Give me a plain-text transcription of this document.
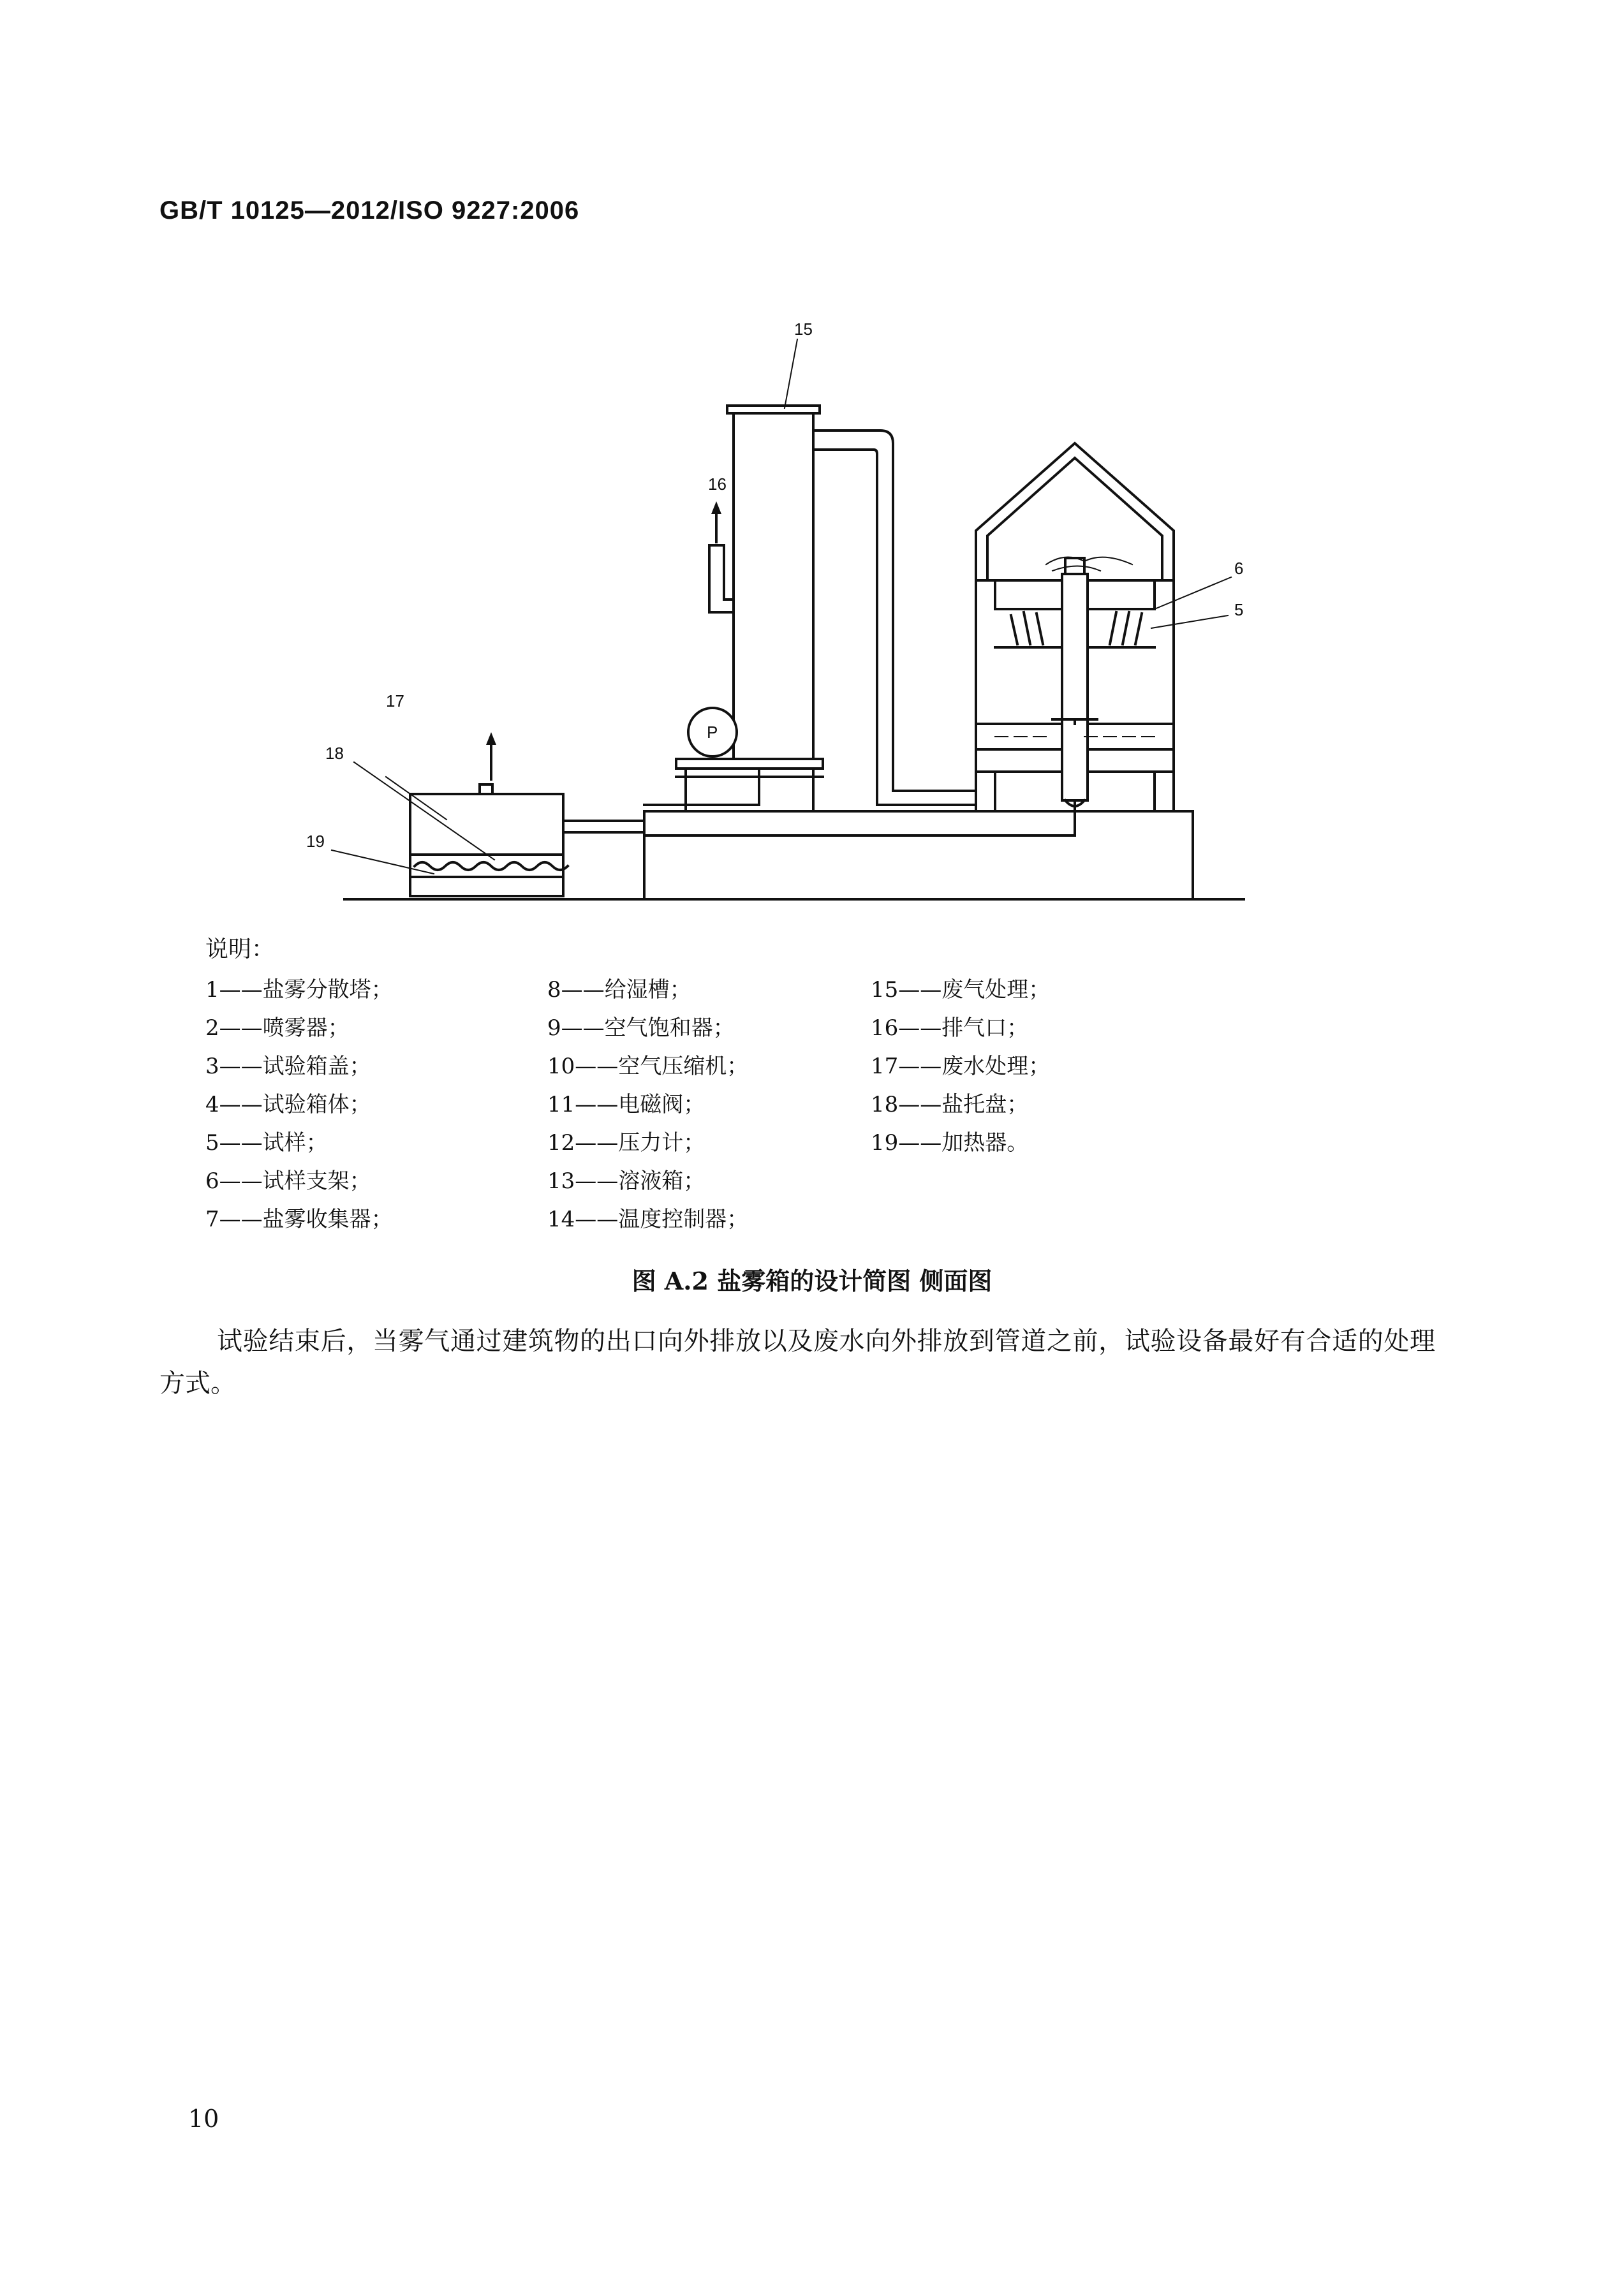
GB/T 10125—2012/ISO 9227:2006
15
16
17
18
19
6
5
P
说明：
1——盐雾分散塔；
2——喷雾器；
3——试验箱盖；
4——试验箱体；
5——试样；
6——试样支架；
7——盐雾收集器；
8——给湿槽；
9——空气饱和器；
10——空气压缩机；
11——电磁阀；
12——压力计；
13——溶液箱；
14——温度控制器；
15——废气处理；
16——排气口；
17——废水处理；
18——盐托盘；
19——加热器。
图 A.2 盐雾箱的设计简图 侧面图
试验结束后，当雾气通过建筑物的出口向外排放以及废水向外排放到管道之前，试验设备最好有合适的处理方式。
10
